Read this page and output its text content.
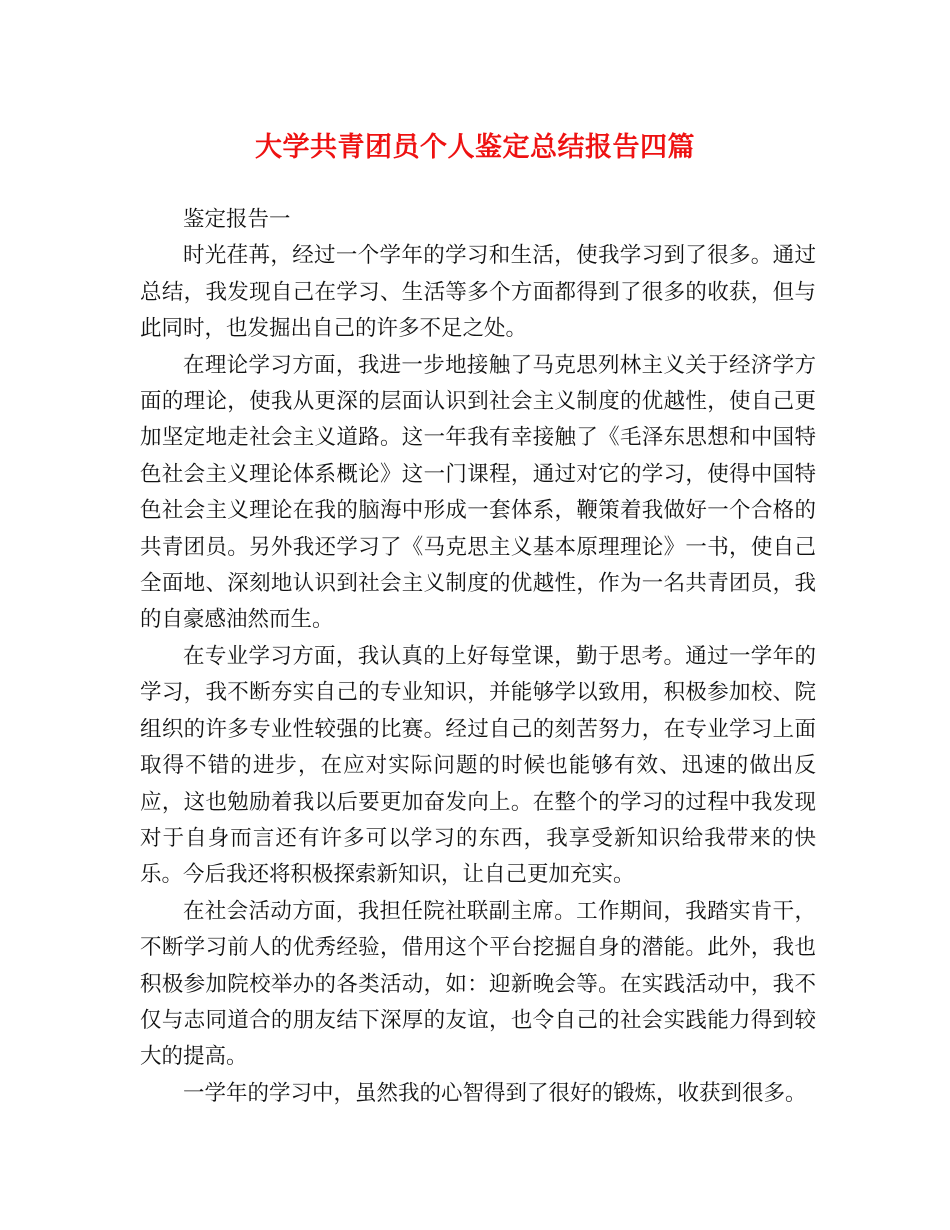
大学共青团员个人鉴定总结报告四篇

鉴定报告一

时光荏苒，经过一个学年的学习和生活，使我学习到了很多。通过总结，我发现自己在学习、生活等多个方面都得到了很多的收获，但与此同时，也发掘出自己的许多不足之处。

在理论学习方面，我进一步地接触了马克思列林主义关于经济学方面的理论，使我从更深的层面认识到社会主义制度的优越性，使自己更加坚定地走社会主义道路。这一年我有幸接触了《毛泽东思想和中国特色社会主义理论体系概论》这一门课程，通过对它的学习，使得中国特色社会主义理论在我的脑海中形成一套体系，鞭策着我做好一个合格的共青团员。另外我还学习了《马克思主义基本原理理论》一书，使自己全面地、深刻地认识到社会主义制度的优越性，作为一名共青团员，我的自豪感油然而生。

在专业学习方面，我认真的上好每堂课，勤于思考。通过一学年的学习，我不断夯实自己的专业知识，并能够学以致用，积极参加校、院组织的许多专业性较强的比赛。经过自己的刻苦努力，在专业学习上面取得不错的进步，在应对实际问题的时候也能够有效、迅速的做出反应，这也勉励着我以后要更加奋发向上。在整个的学习的过程中我发现对于自身而言还有许多可以学习的东西，我享受新知识给我带来的快乐。今后我还将积极探索新知识，让自己更加充实。

在社会活动方面，我担任院社联副主席。工作期间，我踏实肯干，不断学习前人的优秀经验，借用这个平台挖掘自身的潜能。此外，我也积极参加院校举办的各类活动，如：迎新晚会等。在实践活动中，我不仅与志同道合的朋友结下深厚的友谊，也令自己的社会实践能力得到较大的提高。

一学年的学习中，虽然我的心智得到了很好的锻炼，收获到很多。
